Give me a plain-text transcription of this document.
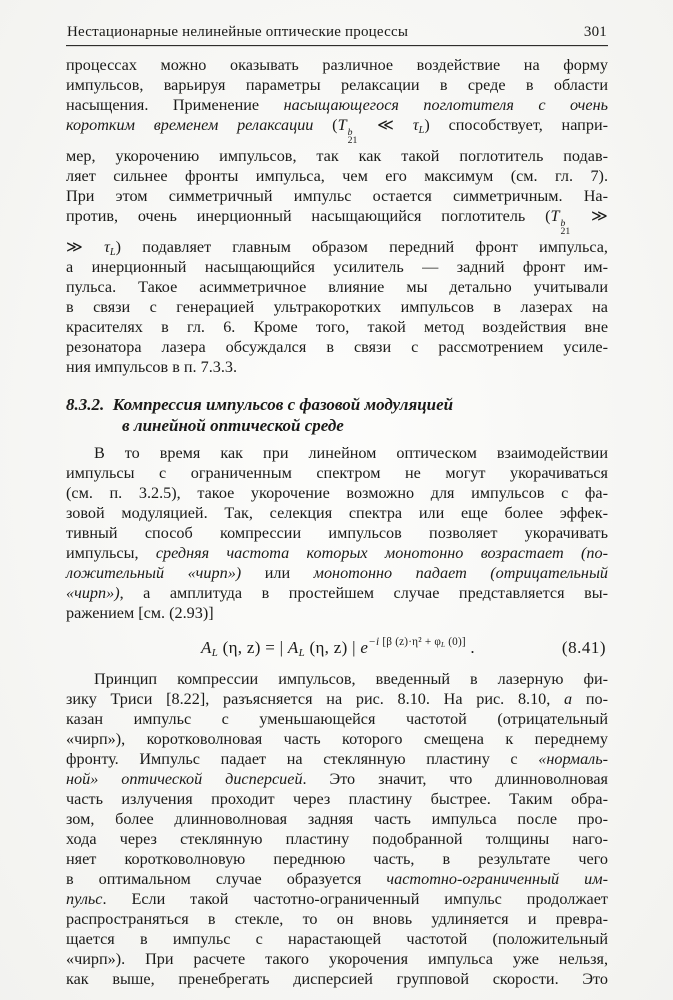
Нестационарные нелинейные оптические процессы	301
процессах можно оказывать различное воздействие на форму
импульсов, варьируя параметры релаксации в среде в области
насыщения. Применение насыщающегося поглотителя с очень
коротким временем релаксации (T b
21
≪ $\tau_L$) способствует, напри-
мер, укорочению импульсов, так как такой поглотитель подав-
ляет сильнее фронты импульса, чем его максимум (см. гл. 7).
При этом симметричный импульс остается симметричным. На-
против, очень инерционный насыщающийся поглотитель (T b
21
≫
≫ $\tau_L$) подавляет главным образом передний фронт импульса,
а инерционный насыщающийся усилитель — задний фронт им-
пульса. Такое асимметричное влияние мы детально учитывали
в связи с генерацией ультракоротких импульсов в лазерах на
красителях в гл. 6. Кроме того, такой метод воздействия вне
резонатора лазера обсуждался в связи с рассмотрением усиле-
ния импульсов в п. 7.3.3.
8.3.2. Компрессия импульсов с фазовой модуляцией
в линейной оптической среде
В то время как при линейном оптическом взаимодействии
импульсы с ограниченным спектром не могут укорачиваться
(см. п. 3.2.5), такое укорочение возможно для импульсов с фа-
зовой модуляцией. Так, селекция спектра или еще более эффек-
тивный способ компрессии импульсов позволяет укорачивать
импульсы, средняя частота которых монотонно возрастает (по-
ложительный «чирп») или монотонно падает (отрицательный
«чирп»), а амплитуда в простейшем случае представляется вы-
ражением [см. (2.93)]
$A_L$ (η, z) = | $A_L$ (η, z) | $e^{-i [\beta (z)\cdot\eta^2 + \varphi_L (0)]}$ .	(8.41)
Принцип компрессии импульсов, введенный в лазерную фи-
зику Триси [8.22], разъясняется на рис. 8.10. На рис. 8.10, а по-
казан импульс с уменьшающейся частотой (отрицательный
«чирп»), коротковолновая часть которого смещена к переднему
фронту. Импульс падает на стеклянную пластину с «нормаль-
ной» оптической дисперсией. Это значит, что длинноволновая
часть излучения проходит через пластину быстрее. Таким обра-
зом, более длинноволновая задняя часть импульса после про-
хода через стеклянную пластину подобранной толщины наго-
няет коротковолновую переднюю часть, в результате чего
в оптимальном случае образуется частотно-ограниченный им-
пульс. Если такой частотно-ограниченный импульс продолжает
распространяться в стекле, то он вновь удлиняется и превра-
щается в импульс с нарастающей частотой (положительный
«чирп»). При расчете такого укорочения импульса уже нельзя,
как выше, пренебрегать дисперсией групповой скорости. Это
